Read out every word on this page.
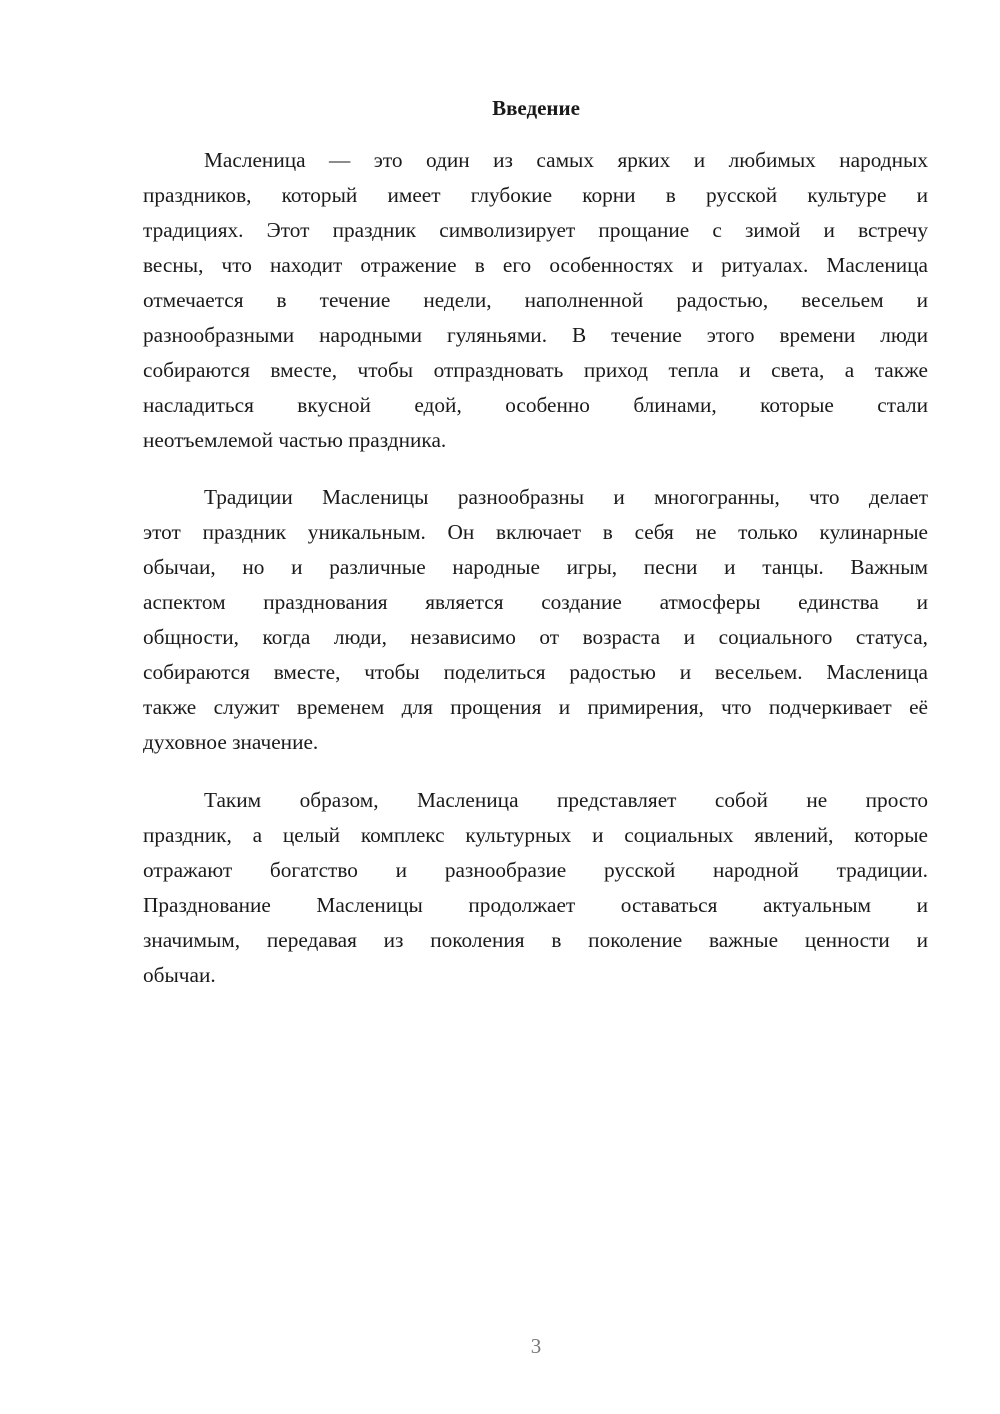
Введение
Масленица — это один из самых ярких и любимых народных
праздников, который имеет глубокие корни в русской культуре и
традициях. Этот праздник символизирует прощание с зимой и встречу
весны, что находит отражение в его особенностях и ритуалах. Масленица
отмечается в течение недели, наполненной радостью, весельем и
разнообразными народными гуляньями. В течение этого времени люди
собираются вместе, чтобы отпраздновать приход тепла и света, а также
насладиться вкусной едой, особенно блинами, которые стали
неотъемлемой частью праздника.
Традиции Масленицы разнообразны и многогранны, что делает
этот праздник уникальным. Он включает в себя не только кулинарные
обычаи, но и различные народные игры, песни и танцы. Важным
аспектом празднования является создание атмосферы единства и
общности, когда люди, независимо от возраста и социального статуса,
собираются вместе, чтобы поделиться радостью и весельем. Масленица
также служит временем для прощения и примирения, что подчеркивает её
духовное значение.
Таким образом, Масленица представляет собой не просто
праздник, а целый комплекс культурных и социальных явлений, которые
отражают богатство и разнообразие русской народной традиции.
Празднование Масленицы продолжает оставаться актуальным и
значимым, передавая из поколения в поколение важные ценности и
обычаи.
3
